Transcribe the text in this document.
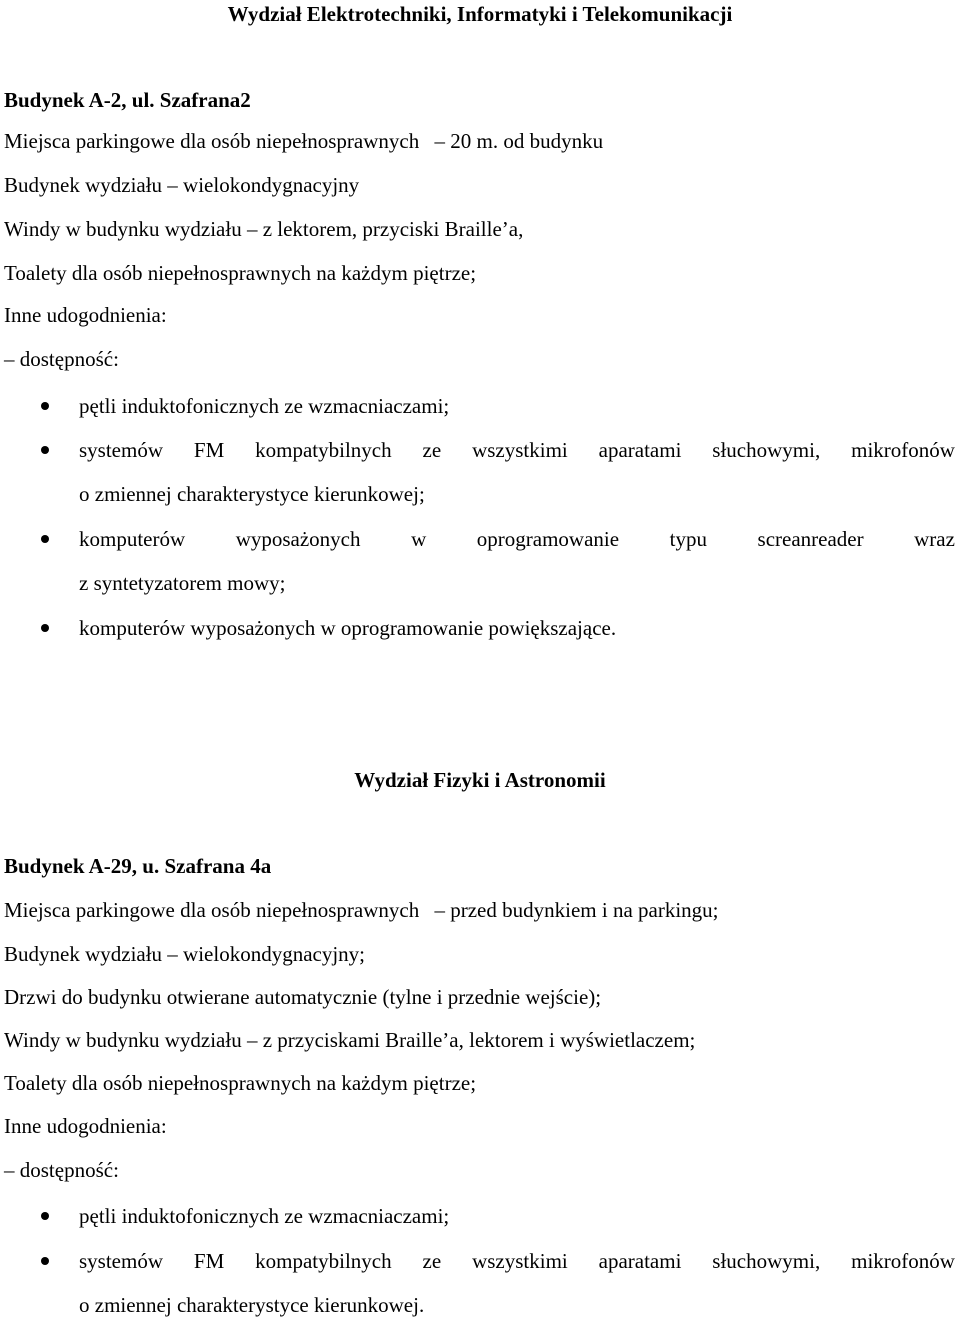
Wydział Elektrotechniki, Informatyki i Telekomunikacji
Budynek A-2, ul. Szafrana2
Miejsca parkingowe dla osób niepełnosprawnych – 20 m. od budynku
Budynek wydziału – wielokondygnacyjny
Windy w budynku wydziału – z lektorem, przyciski Braille’a,
Toalety dla osób niepełnosprawnych na każdym piętrze;
Inne udogodnienia:
– dostępność:
pętli induktofonicznych ze wzmacniaczami;
systemów FM kompatybilnych ze wszystkimi aparatami słuchowymi, mikrofonów
o zmiennej charakterystyce kierunkowej;
komputerów wyposażonych w oprogramowanie typu screanreader wraz
z syntetyzatorem mowy;
komputerów wyposażonych w oprogramowanie powiększające.
Wydział Fizyki i Astronomii
Budynek A-29, u. Szafrana 4a
Miejsca parkingowe dla osób niepełnosprawnych – przed budynkiem i na parkingu;
Budynek wydziału – wielokondygnacyjny;
Drzwi do budynku otwierane automatycznie (tylne i przednie wejście);
Windy w budynku wydziału – z przyciskami Braille’a, lektorem i wyświetlaczem;
Toalety dla osób niepełnosprawnych na każdym piętrze;
Inne udogodnienia:
– dostępność:
pętli induktofonicznych ze wzmacniaczami;
systemów FM kompatybilnych ze wszystkimi aparatami słuchowymi, mikrofonów
o zmiennej charakterystyce kierunkowej.
